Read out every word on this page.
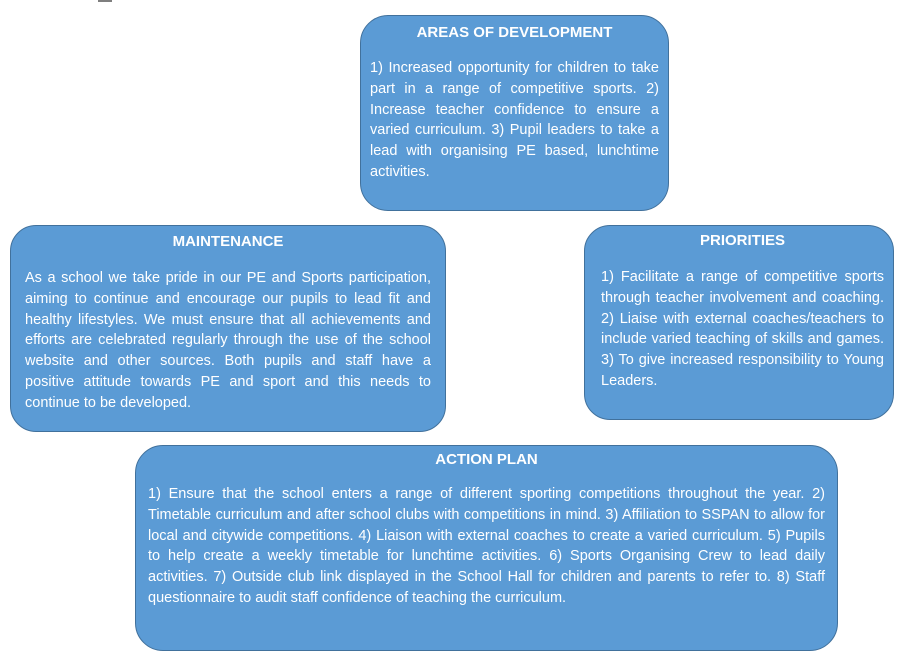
AREAS OF DEVELOPMENT
1) Increased opportunity for children to take part in a range of competitive sports. 2) Increase teacher confidence to ensure a varied curriculum. 3) Pupil leaders to take a lead with organising PE based, lunchtime activities.
MAINTENANCE
As a school we take pride in our PE and Sports participation, aiming to continue and encourage our pupils to lead fit and healthy lifestyles. We must ensure that all achievements and efforts are celebrated regularly through the use of the school website and other sources. Both pupils and staff have a positive attitude towards PE and sport and this needs to continue to be developed.
PRIORITIES
1) Facilitate a range of competitive sports through teacher involvement and coaching. 2) Liaise with external coaches/teachers to include varied teaching of skills and games. 3) To give increased responsibility to Young Leaders.
ACTION PLAN
1) Ensure that the school enters a range of different sporting competitions throughout the year. 2) Timetable curriculum and after school clubs with competitions in mind. 3) Affiliation to SSPAN to allow for local and citywide competitions. 4) Liaison with external coaches to create a varied curriculum. 5) Pupils to help create a weekly timetable for lunchtime activities. 6) Sports Organising Crew to lead daily activities. 7) Outside club link displayed in the School Hall for children and parents to refer to. 8) Staff questionnaire to audit staff confidence of teaching the curriculum.
